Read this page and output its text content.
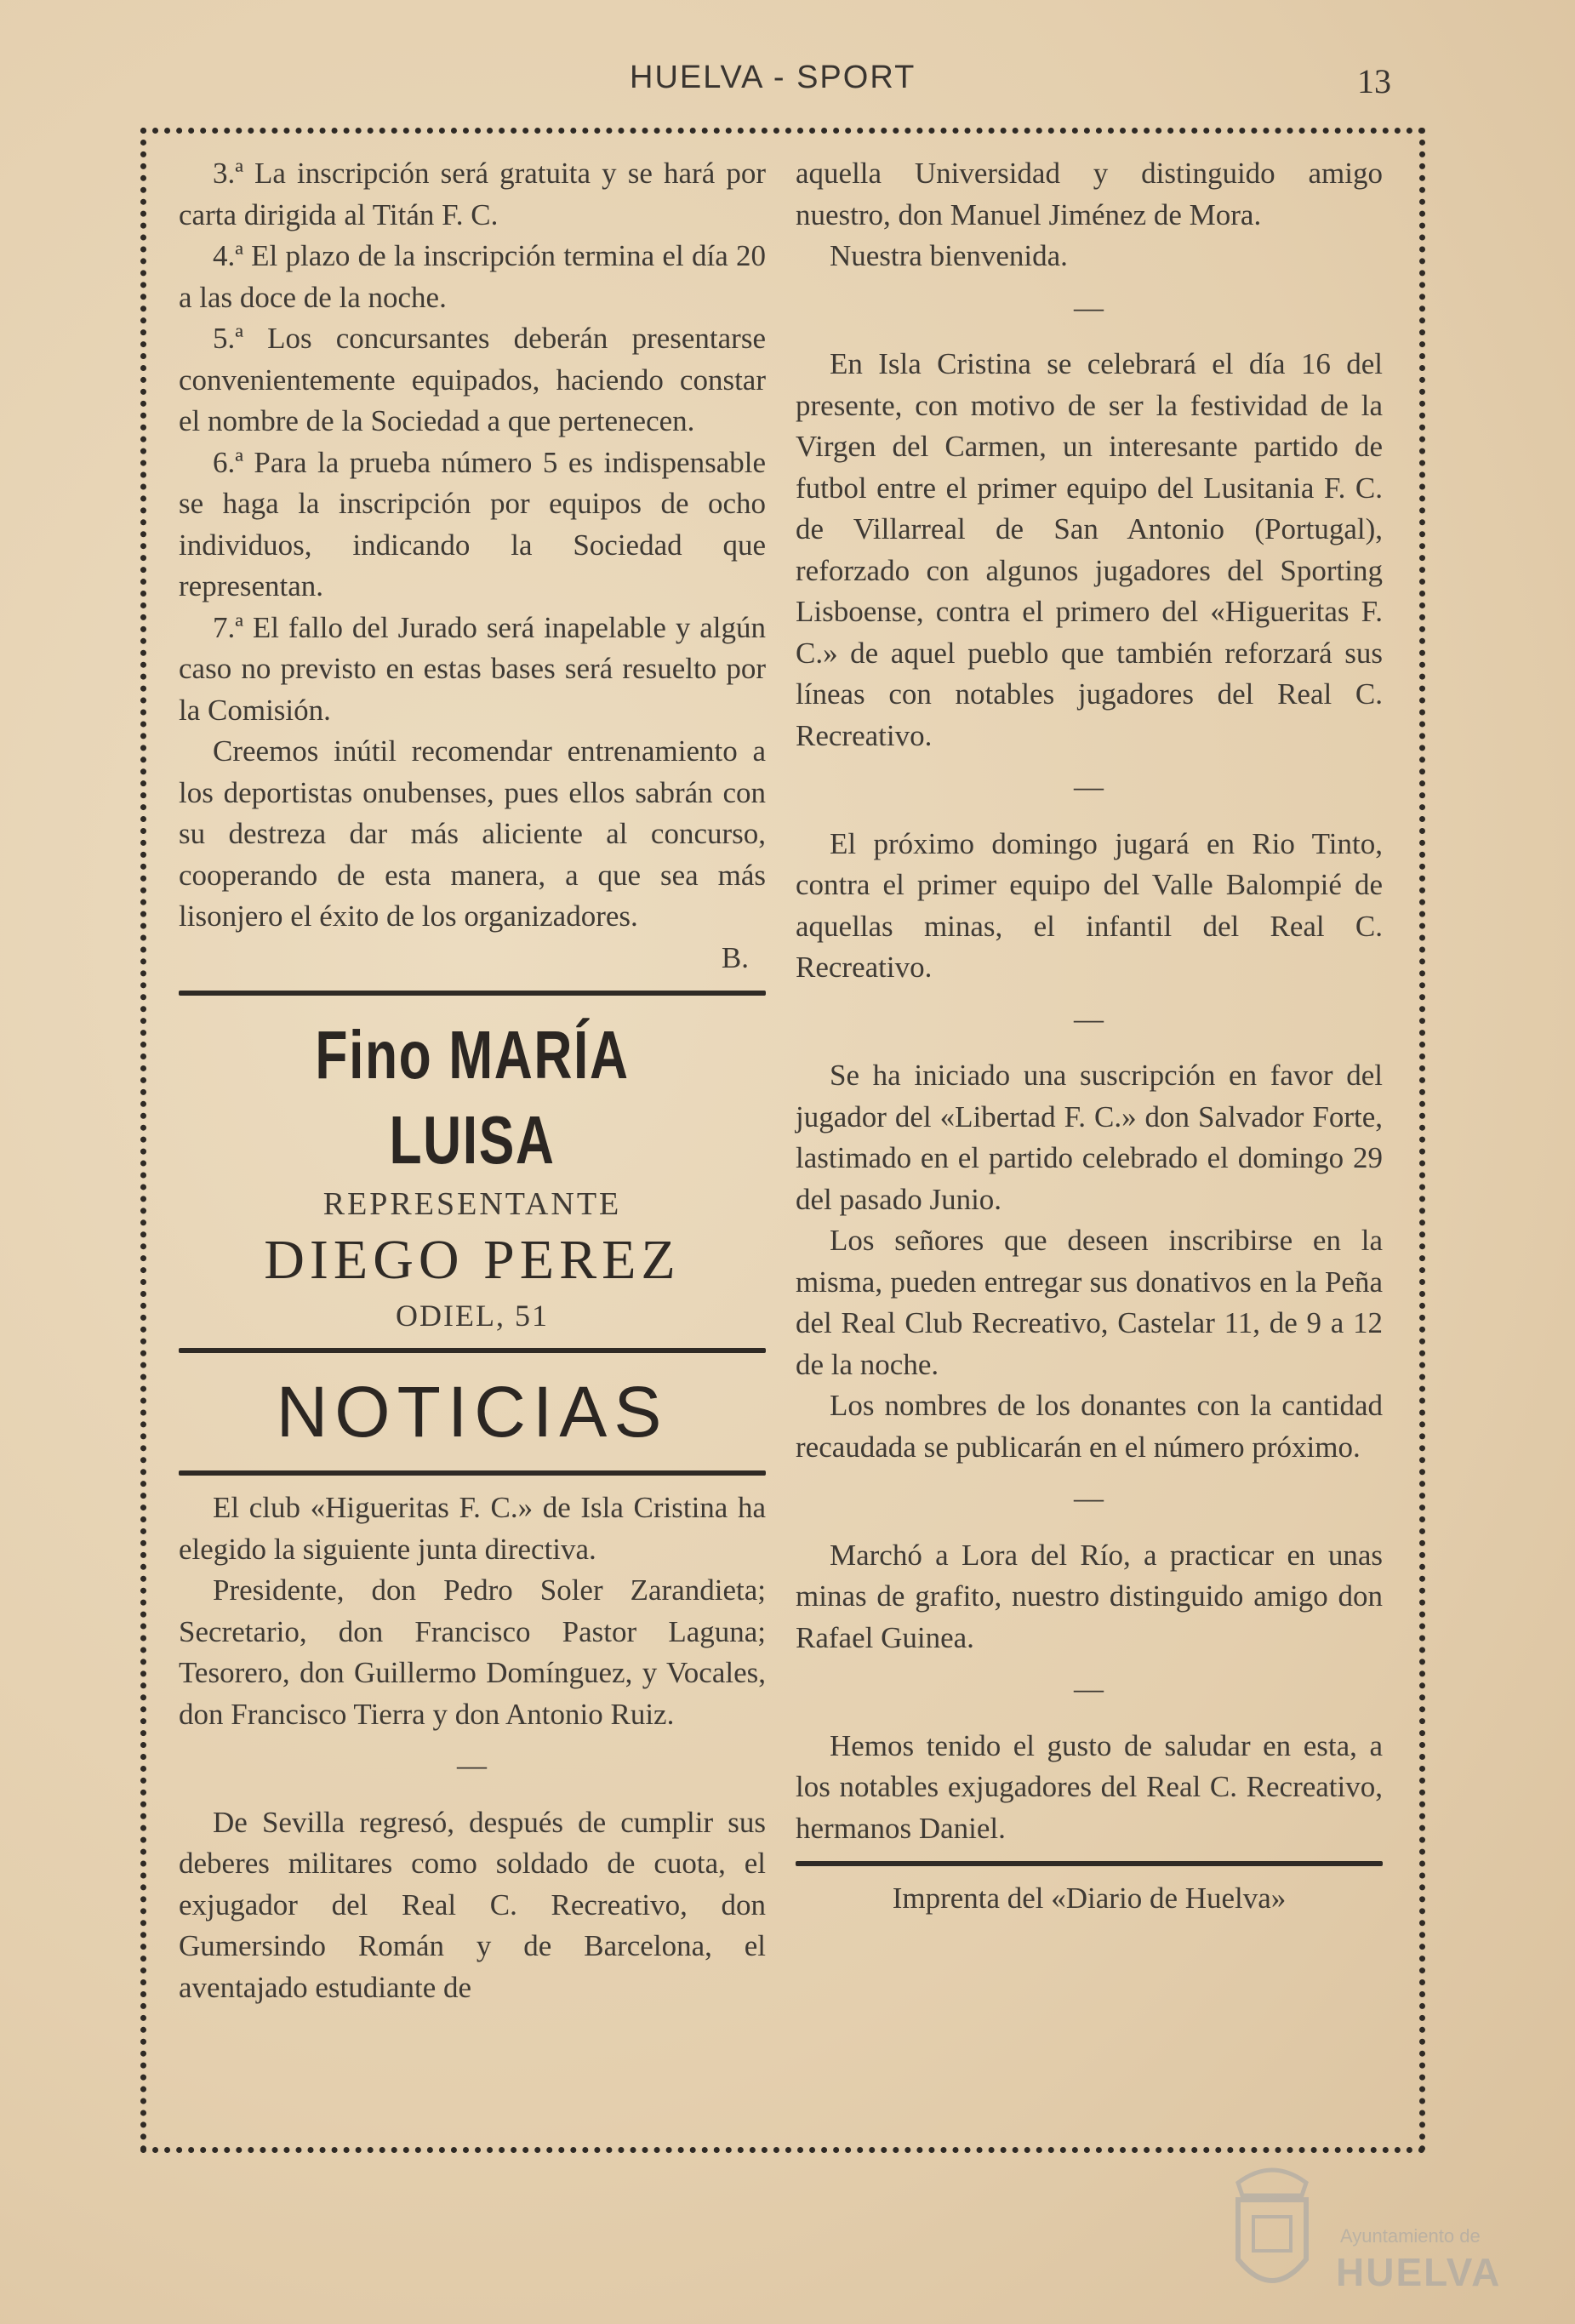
HUELVA - SPORT	13

3.ª La inscripción será gratuita y se hará por carta dirigida al Titán F. C.

4.ª El plazo de la inscripción termina el día 20 a las doce de la noche.

5.ª Los concursantes deberán presentarse convenientemente equipados, haciendo constar el nombre de la Sociedad a que pertenecen.

6.ª Para la prueba número 5 es indispensable se haga la inscripción por equipos de ocho individuos, indicando la Sociedad que representan.

7.ª El fallo del Jurado será inapelable y algún caso no previsto en estas bases será resuelto por la Comisión.

Creemos inútil recomendar entrenamiento a los deportistas onubenses, pues ellos sabrán con su destreza dar más aliciente al concurso, cooperando de esta manera, a que sea más lisonjero el éxito de los organizadores.

B.

Fino MARÍA LUISA
REPRESENTANTE
DIEGO PEREZ
ODIEL, 51
NOTICIAS

El club «Higueritas F. C.» de Isla Cristina ha elegido la siguiente junta directiva.

Presidente, don Pedro Soler Zarandieta; Secretario, don Francisco Pastor Laguna; Tesorero, don Guillermo Domínguez, y Vocales, don Francisco Tierra y don Antonio Ruiz.

—

De Sevilla regresó, después de cumplir sus deberes militares como soldado de cuota, el exjugador del Real C. Recreativo, don Gumersindo Román y de Barcelona, el aventajado estudiante de

aquella Universidad y distinguido amigo nuestro, don Manuel Jiménez de Mora.

Nuestra bienvenida.

—

En Isla Cristina se celebrará el día 16 del presente, con motivo de ser la festividad de la Virgen del Carmen, un interesante partido de futbol entre el primer equipo del Lusitania F. C. de Villarreal de San Antonio (Portugal), reforzado con algunos jugadores del Sporting Lisboense, contra el primero del «Higueritas F. C.» de aquel pueblo que también reforzará sus líneas con notables jugadores del Real C. Recreativo.

—

El próximo domingo jugará en Rio Tinto, contra el primer equipo del Valle Balompié de aquellas minas, el infantil del Real C. Recreativo.

—

Se ha iniciado una suscripción en favor del jugador del «Libertad F. C.» don Salvador Forte, lastimado en el partido celebrado el domingo 29 del pasado Junio.

Los señores que deseen inscribirse en la misma, pueden entregar sus donativos en la Peña del Real Club Recreativo, Castelar 11, de 9 a 12 de la noche.

Los nombres de los donantes con la cantidad recaudada se publicarán en el número próximo.

—

Marchó a Lora del Río, a practicar en unas minas de grafito, nuestro distinguido amigo don Rafael Guinea.

—

Hemos tenido el gusto de saludar en esta, a los notables exjugadores del Real C. Recreativo, hermanos Daniel.

Imprenta del «Diario de Huelva»

Ayuntamiento de
HUELVA
